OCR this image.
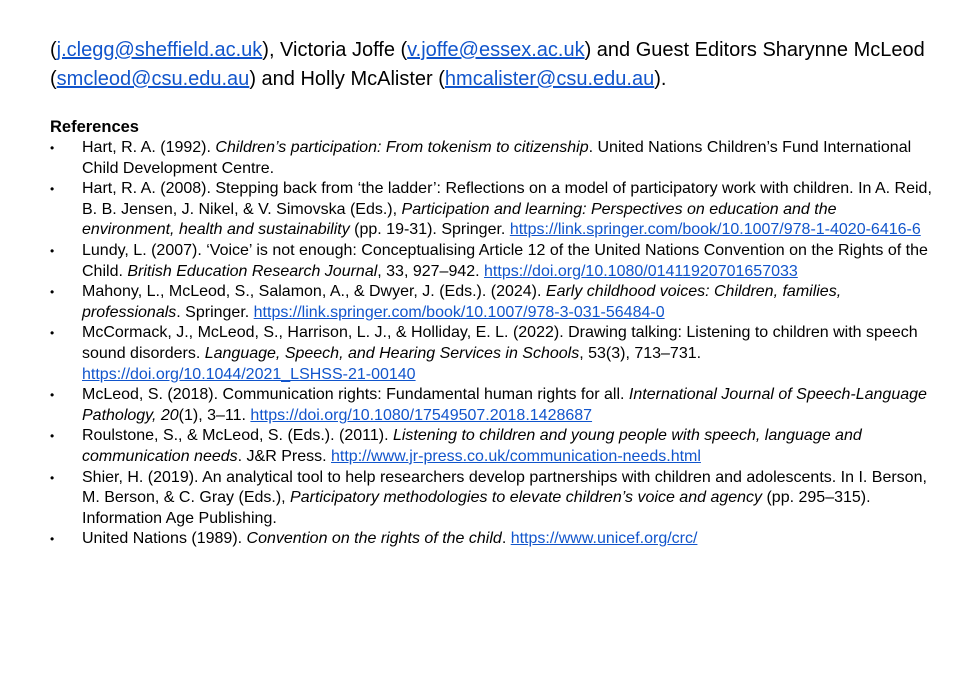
(j.clegg@sheffield.ac.uk), Victoria Joffe (v.joffe@essex.ac.uk) and Guest Editors Sharynne McLeod (smcleod@csu.edu.au) and Holly McAlister (hmcalister@csu.edu.au).

References
• Hart, R. A. (1992). Children’s participation: From tokenism to citizenship. United Nations Children’s Fund International Child Development Centre.
• Hart, R. A. (2008). Stepping back from ‘the ladder’: Reflections on a model of participatory work with children. In A. Reid, B. B. Jensen, J. Nikel, & V. Simovska (Eds.), Participation and learning: Perspectives on education and the environment, health and sustainability (pp. 19-31). Springer. https://link.springer.com/book/10.1007/978-1-4020-6416-6
• Lundy, L. (2007). ‘Voice’ is not enough: Conceptualising Article 12 of the United Nations Convention on the Rights of the Child. British Education Research Journal, 33, 927–942. https://doi.org/10.1080/01411920701657033
• Mahony, L., McLeod, S., Salamon, A., & Dwyer, J. (Eds.). (2024). Early childhood voices: Children, families, professionals. Springer. https://link.springer.com/book/10.1007/978-3-031-56484-0
• McCormack, J., McLeod, S., Harrison, L. J., & Holliday, E. L. (2022). Drawing talking: Listening to children with speech sound disorders. Language, Speech, and Hearing Services in Schools, 53(3), 713–731. https://doi.org/10.1044/2021_LSHSS-21-00140
• McLeod, S. (2018). Communication rights: Fundamental human rights for all. International Journal of Speech-Language Pathology, 20(1), 3–11. https://doi.org/10.1080/17549507.2018.1428687
• Roulstone, S., & McLeod, S. (Eds.). (2011). Listening to children and young people with speech, language and communication needs. J&R Press. http://www.jr-press.co.uk/communication-needs.html
• Shier, H. (2019). An analytical tool to help researchers develop partnerships with children and adolescents. In I. Berson, M. Berson, & C. Gray (Eds.), Participatory methodologies to elevate children’s voice and agency (pp. 295–315). Information Age Publishing.
• United Nations (1989). Convention on the rights of the child. https://www.unicef.org/crc/
